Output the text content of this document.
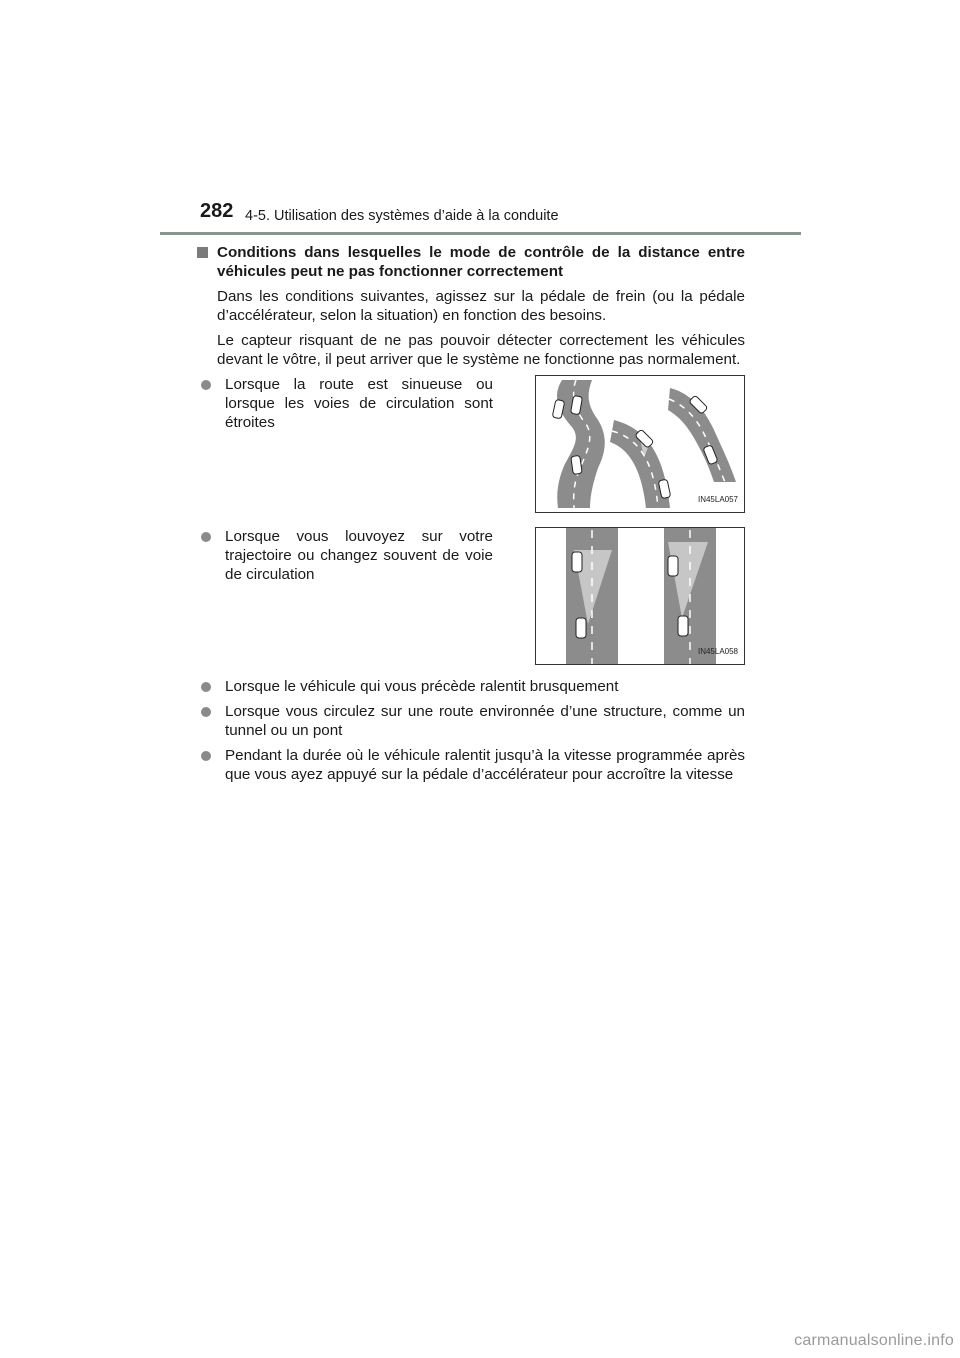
282 4-5. Utilisation des systèmes d’aide à la conduite
Conditions dans lesquelles le mode de contrôle de la distance entre véhicules peut ne pas fonctionner correctement
Dans les conditions suivantes, agissez sur la pédale de frein (ou la pédale d’accélérateur, selon la situation) en fonction des besoins.
Le capteur risquant de ne pas pouvoir détecter correctement les véhicules devant le vôtre, il peut arriver que le système ne fonctionne pas normalement.
Lorsque la route est sinueuse ou lorsque les voies de circulation sont étroites
IN45LA057
Lorsque vous louvoyez sur votre trajectoire ou changez souvent de voie de circulation
IN45LA058
Lorsque le véhicule qui vous précède ralentit brusquement
Lorsque vous circulez sur une route environnée d’une structure, comme un tunnel ou un pont
Pendant la durée où le véhicule ralentit jusqu’à la vitesse programmée après que vous ayez appuyé sur la pédale d’accélérateur pour accroître la vitesse
carmanualsonline.info
